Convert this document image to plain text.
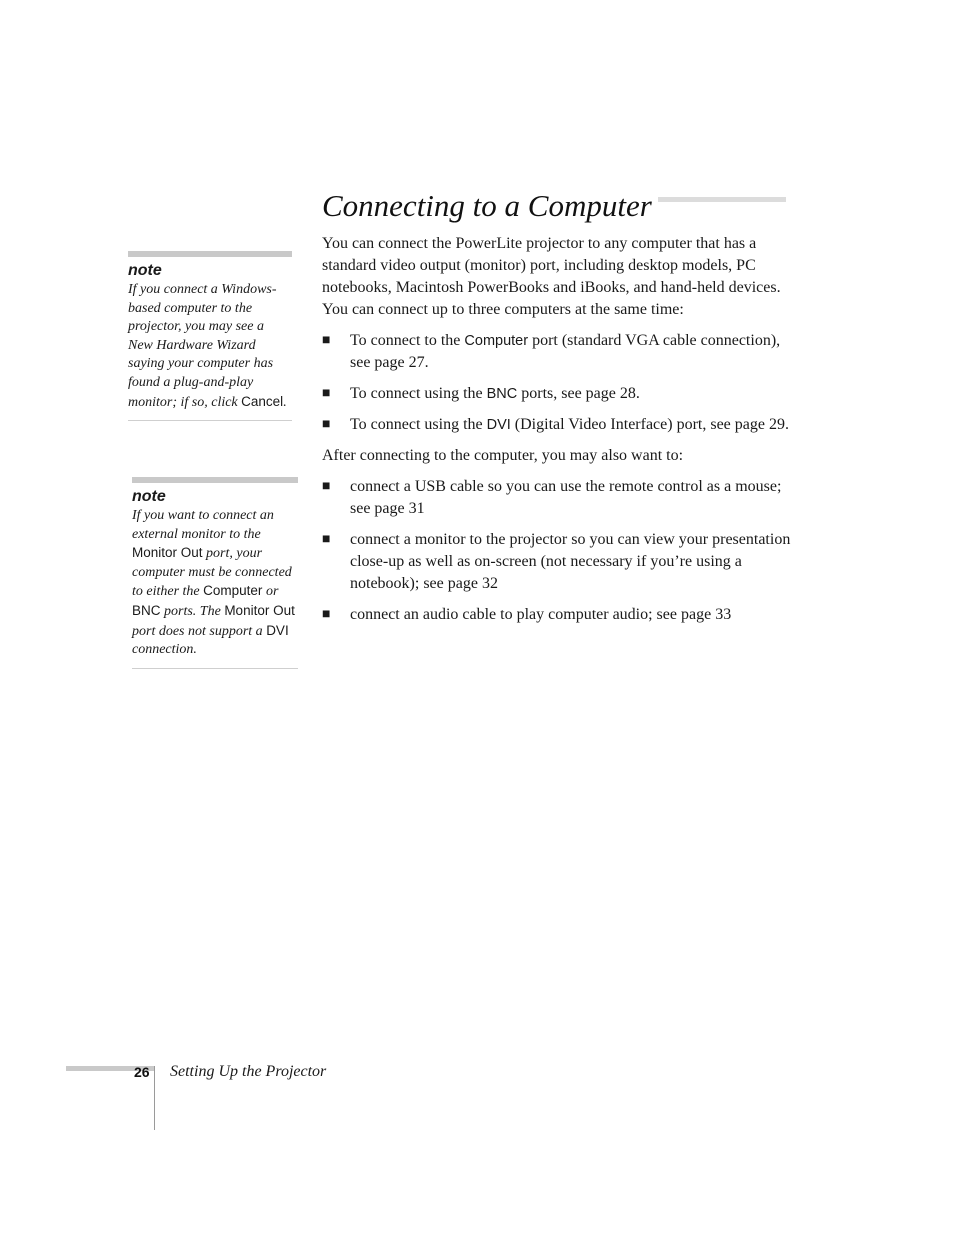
Connecting to a Computer
note

If you connect a Windows-based computer to the projector, you may see a New Hardware Wizard saying your computer has found a plug-and-play monitor; if so, click Cancel.

note

If you want to connect an external monitor to the Monitor Out port, your computer must be connected to either the Computer or BNC ports. The Monitor Out port does not support a DVI connection.

You can connect the PowerLite projector to any computer that has a standard video output (monitor) port, including desktop models, PC notebooks, Macintosh PowerBooks and iBooks, and hand-held devices. You can connect up to three computers at the same time:

■ To connect to the Computer port (standard VGA cable connection), see page 27.
■ To connect using the BNC ports, see page 28.
■ To connect using the DVI (Digital Video Interface) port, see page 29.

After connecting to the computer, you may also want to:

■ connect a USB cable so you can use the remote control as a mouse; see page 31
■ connect a monitor to the projector so you can view your presentation close-up as well as on-screen (not necessary if you’re using a notebook); see page 32
■ connect an audio cable to play computer audio; see page 33
26 Setting Up the Projector
